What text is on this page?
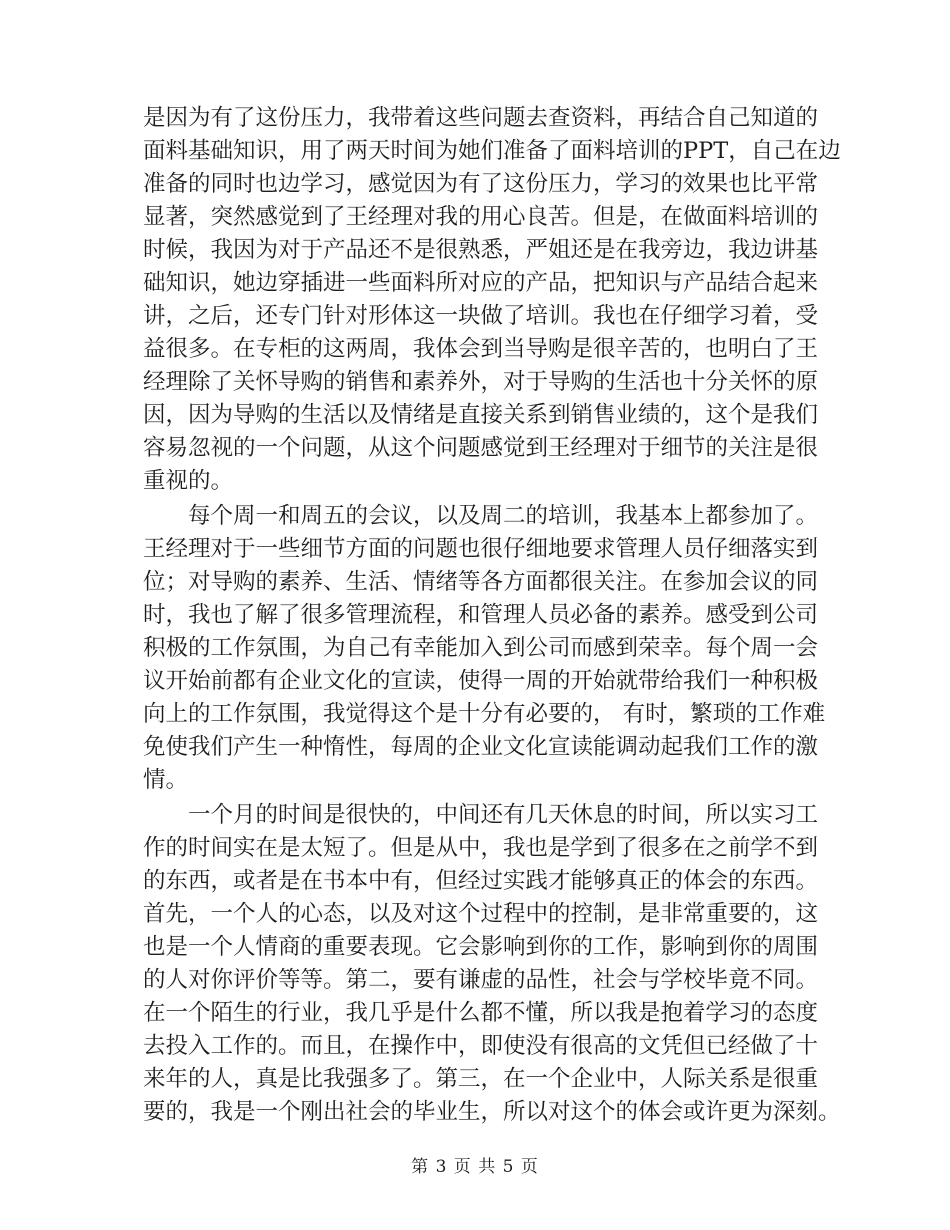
是因为有了这份压力，我带着这些问题去查资料，再结合自己知道的
面料基础知识，用了两天时间为她们准备了面料培训的PPT，自己在边
准备的同时也边学习，感觉因为有了这份压力，学习的效果也比平常
显著，突然感觉到了王经理对我的用心良苦。但是，在做面料培训的
时候，我因为对于产品还不是很熟悉，严姐还是在我旁边，我边讲基
础知识，她边穿插进一些面料所对应的产品，把知识与产品结合起来
讲，之后，还专门针对形体这一块做了培训。我也在仔细学习着，受
益很多。在专柜的这两周，我体会到当导购是很辛苦的，也明白了王
经理除了关怀导购的销售和素养外，对于导购的生活也十分关怀的原
因，因为导购的生活以及情绪是直接关系到销售业绩的，这个是我们
容易忽视的一个问题，从这个问题感觉到王经理对于细节的关注是很
重视的。
每个周一和周五的会议，以及周二的培训，我基本上都参加了。
王经理对于一些细节方面的问题也很仔细地要求管理人员仔细落实到
位；对导购的素养、生活、情绪等各方面都很关注。在参加会议的同
时，我也了解了很多管理流程，和管理人员必备的素养。感受到公司
积极的工作氛围，为自己有幸能加入到公司而感到荣幸。每个周一会
议开始前都有企业文化的宣读，使得一周的开始就带给我们一种积极
向上的工作氛围，我觉得这个是十分有必要的， 有时，繁琐的工作难
免使我们产生一种惰性，每周的企业文化宣读能调动起我们工作的激
情。
一个月的时间是很快的，中间还有几天休息的时间，所以实习工
作的时间实在是太短了。但是从中，我也是学到了很多在之前学不到
的东西，或者是在书本中有，但经过实践才能够真正的体会的东西。
首先，一个人的心态，以及对这个过程中的控制，是非常重要的，这
也是一个人情商的重要表现。它会影响到你的工作，影响到你的周围
的人对你评价等等。第二，要有谦虚的品性，社会与学校毕竟不同。
在一个陌生的行业，我几乎是什么都不懂，所以我是抱着学习的态度
去投入工作的。而且，在操作中，即使没有很高的文凭但已经做了十
来年的人，真是比我强多了。第三，在一个企业中，人际关系是很重
要的，我是一个刚出社会的毕业生，所以对这个的体会或许更为深刻。
第 3 页 共 5 页
